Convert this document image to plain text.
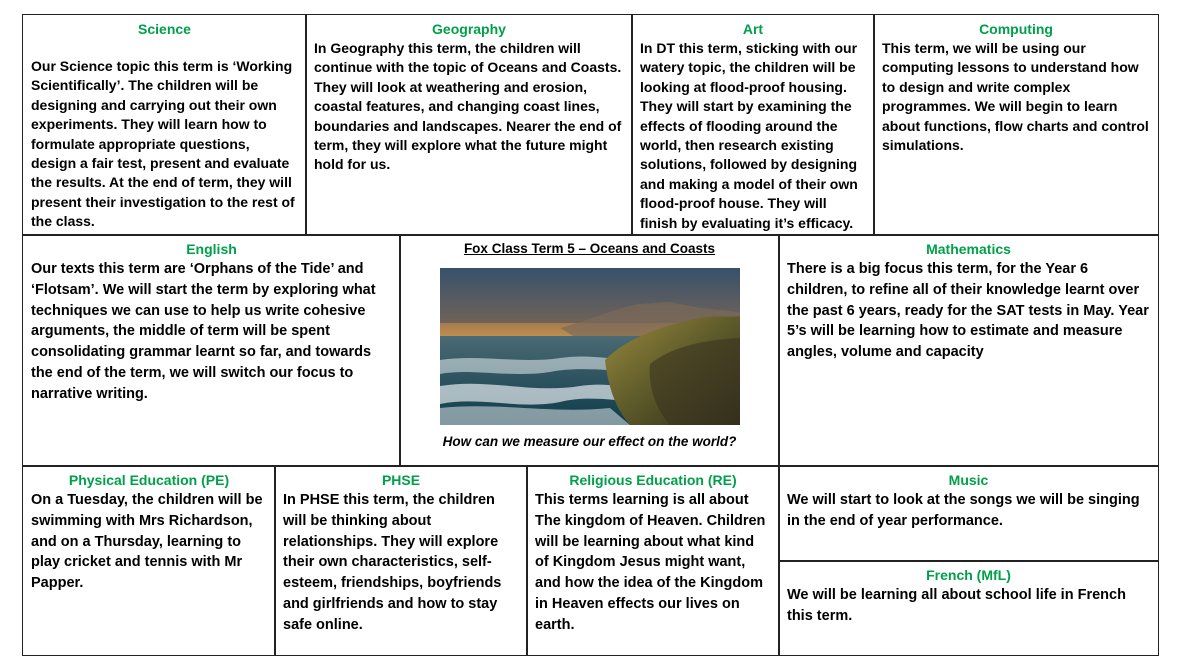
Science
Our Science topic this term is ‘Working Scientifically’. The children will be designing and carrying out their own experiments. They will learn how to formulate appropriate questions, design a fair test, present and evaluate the results. At the end of term, they will present their investigation to the rest of the class.
Geography
In Geography this term, the children will continue with the topic of Oceans and Coasts. They will look at weathering and erosion, coastal features, and changing coast lines, boundaries and landscapes. Nearer the end of term, they will explore what the future might hold for us.
Art
In DT this term, sticking with our watery topic, the children will be looking at flood-proof housing. They will start by examining the effects of flooding around the world, then research existing solutions, followed by designing and making a model of their own flood-proof house. They will finish by evaluating it’s efficacy.
Computing
This term, we will be using our computing lessons to understand how to design and write complex programmes. We will begin to learn about functions, flow charts and control simulations.
English
Our texts this term are ‘Orphans of the Tide’ and ‘Flotsam’. We will start the term by exploring what techniques we can use to help us write cohesive arguments, the middle of term will be spent consolidating grammar learnt so far, and towards the end of the term, we will switch our focus to narrative writing.
Fox Class Term 5 – Oceans and Coasts
How can we measure our effect on the world?
Mathematics
There is a big focus this term, for the Year 6 children, to refine all of their knowledge learnt over the past 6 years, ready for the SAT tests in May. Year 5’s will be learning how to estimate and measure angles, volume and capacity
Physical Education (PE)
On a Tuesday, the children will be swimming with Mrs Richardson, and on a Thursday, learning to play cricket and tennis with Mr Papper.
PHSE
In PHSE this term, the children will be thinking about relationships. They will explore their own characteristics, self-esteem, friendships, boyfriends and girlfriends and how to stay safe online.
Religious Education (RE)
This terms learning is all about The kingdom of Heaven. Children will be learning about what kind of Kingdom Jesus might want, and how the idea of the Kingdom in Heaven effects our lives on earth.
Music
We will start to look at the songs we will be singing in the end of year performance.
French (MfL)
We will be learning all about school life in French this term.
